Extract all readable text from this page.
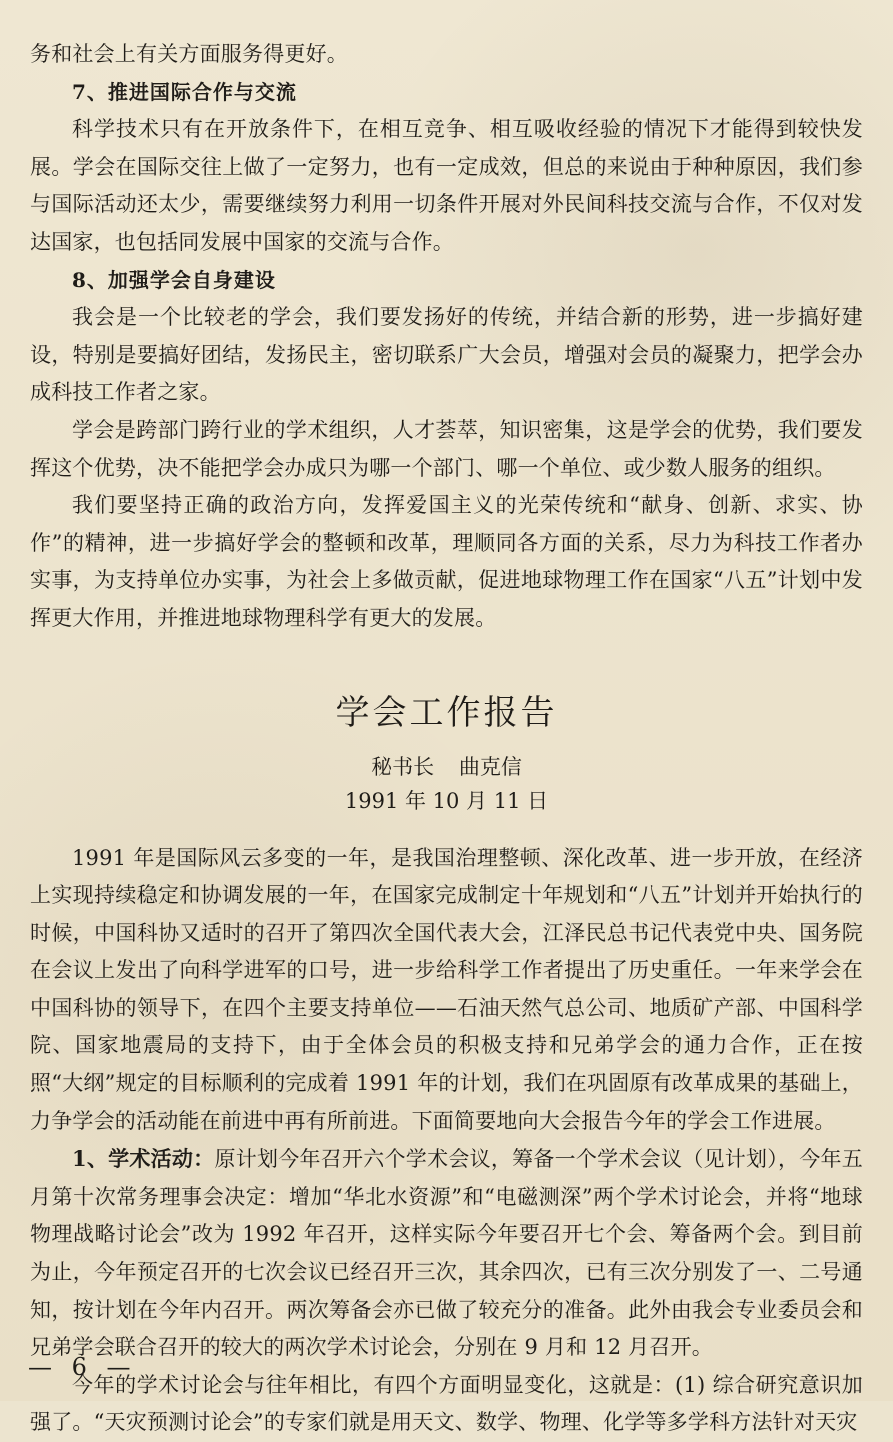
务和社会上有关方面服务得更好。

7、推进国际合作与交流

科学技术只有在开放条件下，在相互竞争、相互吸收经验的情况下才能得到较快发展。学会在国际交往上做了一定努力，也有一定成效，但总的来说由于种种原因，我们参与国际活动还太少，需要继续努力利用一切条件开展对外民间科技交流与合作，不仅对发达国家，也包括同发展中国家的交流与合作。

8、加强学会自身建设

我会是一个比较老的学会，我们要发扬好的传统，并结合新的形势，进一步搞好建设，特别是要搞好团结，发扬民主，密切联系广大会员，增强对会员的凝聚力，把学会办成科技工作者之家。

学会是跨部门跨行业的学术组织，人才荟萃，知识密集，这是学会的优势，我们要发挥这个优势，决不能把学会办成只为哪一个部门、哪一个单位、或少数人服务的组织。

我们要坚持正确的政治方向，发挥爱国主义的光荣传统和“献身、创新、求实、协作”的精神，进一步搞好学会的整顿和改革，理顺同各方面的关系，尽力为科技工作者办实事，为支持单位办实事，为社会上多做贡献，促进地球物理工作在国家“八五”计划中发挥更大作用，并推进地球物理科学有更大的发展。

学会工作报告

秘书长 曲克信

1991 年 10 月 11 日

1991 年是国际风云多变的一年，是我国治理整顿、深化改革、进一步开放，在经济上实现持续稳定和协调发展的一年，在国家完成制定十年规划和“八五”计划并开始执行的时候，中国科协又适时的召开了第四次全国代表大会，江泽民总书记代表党中央、国务院在会议上发出了向科学进军的口号，进一步给科学工作者提出了历史重任。一年来学会在中国科协的领导下，在四个主要支持单位——石油天然气总公司、地质矿产部、中国科学院、国家地震局的支持下，由于全体会员的积极支持和兄弟学会的通力合作，正在按照“大纲”规定的目标顺利的完成着 1991 年的计划，我们在巩固原有改革成果的基础上，力争学会的活动能在前进中再有所前进。下面简要地向大会报告今年的学会工作进展。

1、学术活动：原计划今年召开六个学术会议，筹备一个学术会议（见计划），今年五月第十次常务理事会决定：增加“华北水资源”和“电磁测深”两个学术讨论会，并将“地球物理战略讨论会”改为 1992 年召开，这样实际今年要召开七个会、筹备两个会。到目前为止，今年预定召开的七次会议已经召开三次，其余四次，已有三次分别发了一、二号通知，按计划在今年内召开。两次筹备会亦已做了较充分的准备。此外由我会专业委员会和兄弟学会联合召开的较大的两次学术讨论会，分别在 9 月和 12 月召开。

今年的学术讨论会与往年相比，有四个方面明显变化，这就是：(1) 综合研究意识加强了。“天灾预测讨论会”的专家们就是用天文、数学、物理、化学等多学科方法针对天灾

— 6 —
